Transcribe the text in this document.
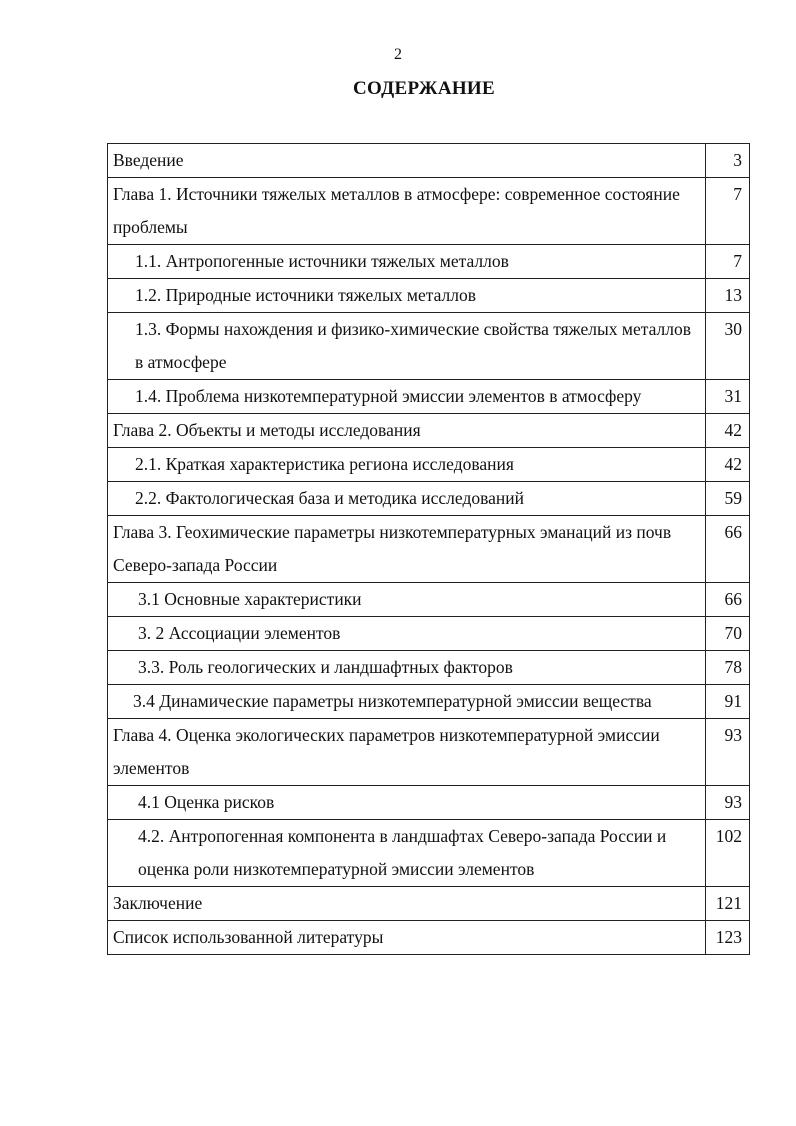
2
СОДЕРЖАНИЕ
Введение	3
Глава 1. Источники тяжелых металлов в атмосфере: современное состояние проблемы	7
1.1. Антропогенные источники тяжелых металлов	7
1.2. Природные источники тяжелых металлов	13
1.3. Формы нахождения и физико-химические свойства тяжелых металлов в атмосфере	30
1.4. Проблема низкотемпературной эмиссии элементов в атмосферу	31
Глава 2. Объекты и методы исследования	42
2.1. Краткая характеристика региона исследования	42
2.2. Фактологическая база и методика исследований	59
Глава 3. Геохимические параметры низкотемпературных эманаций из почв Северо-запада России	66
3.1 Основные характеристики	66
3. 2 Ассоциации элементов	70
3.3. Роль геологических и ландшафтных факторов	78
3.4 Динамические параметры низкотемпературной эмиссии вещества	91
Глава 4. Оценка экологических параметров низкотемпературной эмиссии элементов	93
4.1 Оценка рисков	93
4.2. Антропогенная компонента в ландшафтах Северо-запада России и оценка роли низкотемпературной эмиссии элементов	102
Заключение	121
Список использованной литературы	123
